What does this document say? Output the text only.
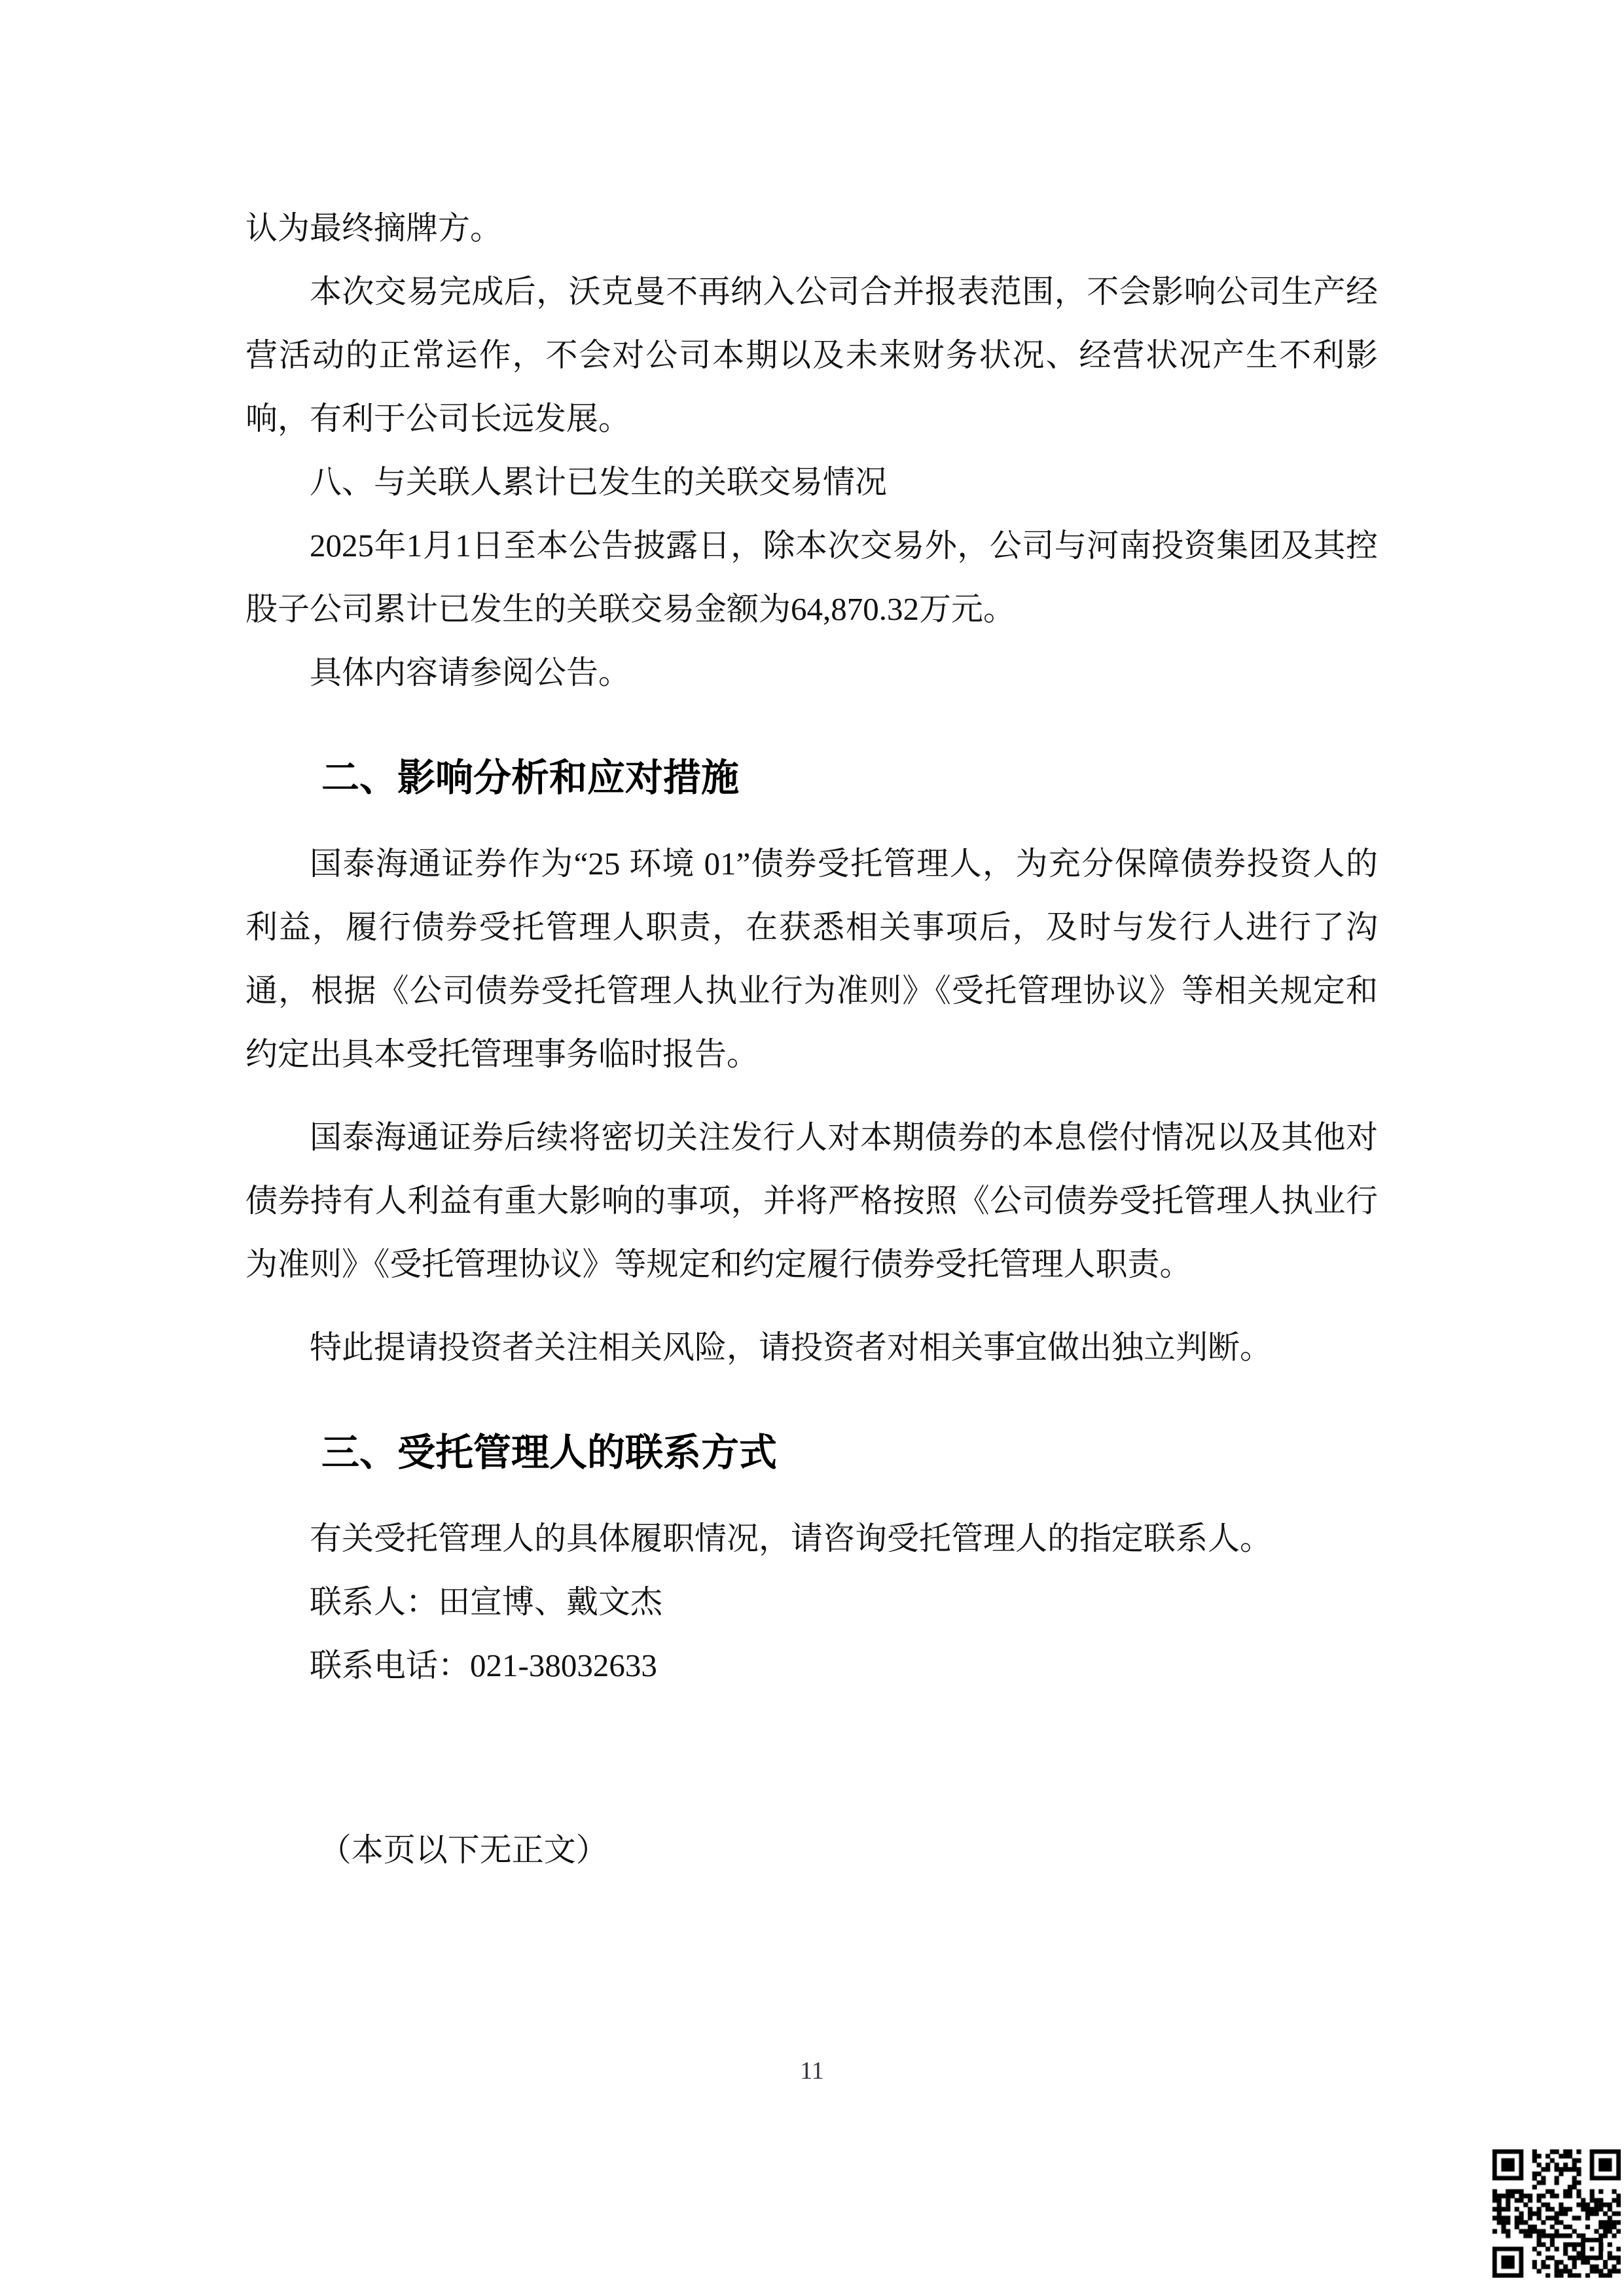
认为最终摘牌方。

本次交易完成后，沃克曼不再纳入公司合并报表范围，不会影响公司生产经营活动的正常运作，不会对公司本期以及未来财务状况、经营状况产生不利影响，有利于公司长远发展。

八、与关联人累计已发生的关联交易情况

2025年1月1日至本公告披露日，除本次交易外，公司与河南投资集团及其控股子公司累计已发生的关联交易金额为64,870.32万元。

具体内容请参阅公告。

二、影响分析和应对措施

国泰海通证券作为“25 环境 01”债券受托管理人，为充分保障债券投资人的利益，履行债券受托管理人职责，在获悉相关事项后，及时与发行人进行了沟通，根据《公司债券受托管理人执业行为准则》《受托管理协议》等相关规定和约定出具本受托管理事务临时报告。

国泰海通证券后续将密切关注发行人对本期债券的本息偿付情况以及其他对债券持有人利益有重大影响的事项，并将严格按照《公司债券受托管理人执业行为准则》《受托管理协议》等规定和约定履行债券受托管理人职责。

特此提请投资者关注相关风险，请投资者对相关事宜做出独立判断。

三、受托管理人的联系方式

有关受托管理人的具体履职情况，请咨询受托管理人的指定联系人。

联系人：田宣博、戴文杰

联系电话：021-38032633

（本页以下无正文）

11
